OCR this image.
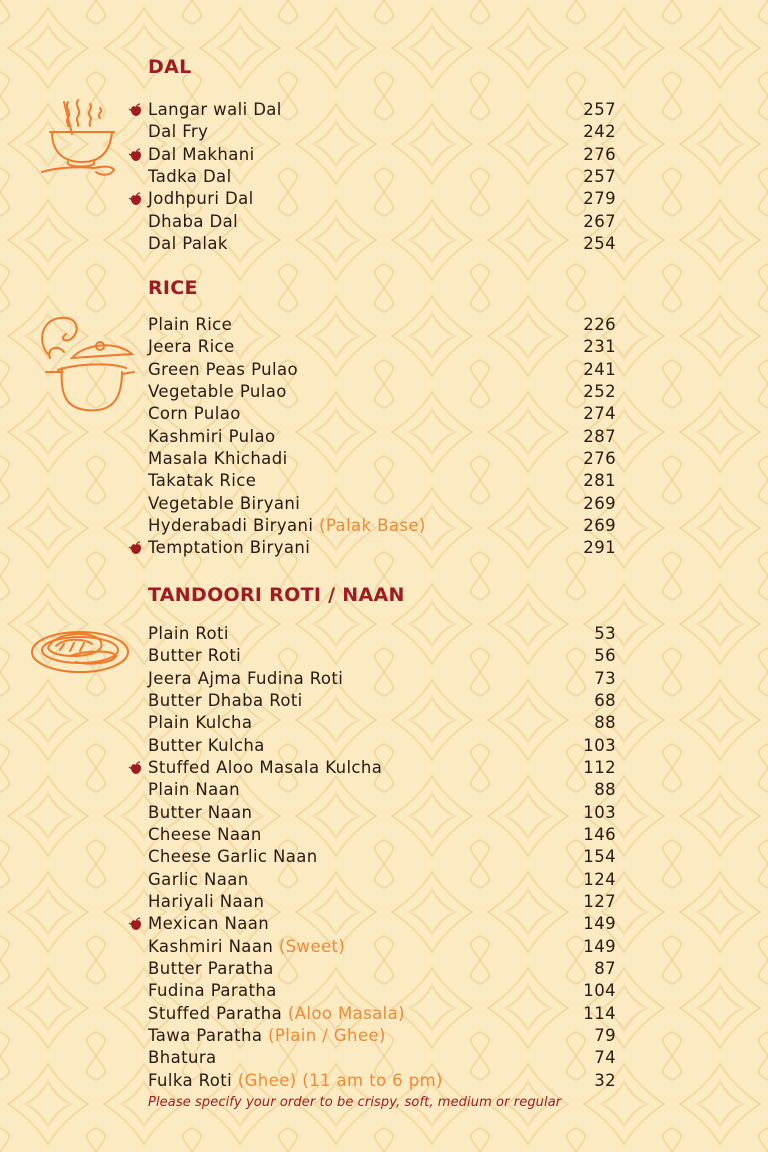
DAL
Langar wali Dal	257
Dal Fry	242
Dal Makhani	276
Tadka Dal	257
Jodhpuri Dal	279
Dhaba Dal	267
Dal Palak	254
RICE
Plain Rice	226
Jeera Rice	231
Green Peas Pulao	241
Vegetable Pulao	252
Corn Pulao	274
Kashmiri Pulao	287
Masala Khichadi	276
Takatak Rice	281
Vegetable Biryani	269
Hyderabadi Biryani (Palak Base)	269
Temptation Biryani	291
TANDOORI ROTI / NAAN
Plain Roti	53
Butter Roti	56
Jeera Ajma Fudina Roti	73
Butter Dhaba Roti	68
Plain Kulcha	88
Butter Kulcha	103
Stuffed Aloo Masala Kulcha	112
Plain Naan	88
Butter Naan	103
Cheese Naan	146
Cheese Garlic Naan	154
Garlic Naan	124
Hariyali Naan	127
Mexican Naan	149
Kashmiri Naan (Sweet)	149
Butter Paratha	87
Fudina Paratha	104
Stuffed Paratha (Aloo Masala)	114
Tawa Paratha (Plain / Ghee)	79
Bhatura	74
Fulka Roti (Ghee) (11 am to 6 pm)	32

Please specify your order to be crispy, soft, medium or regular
